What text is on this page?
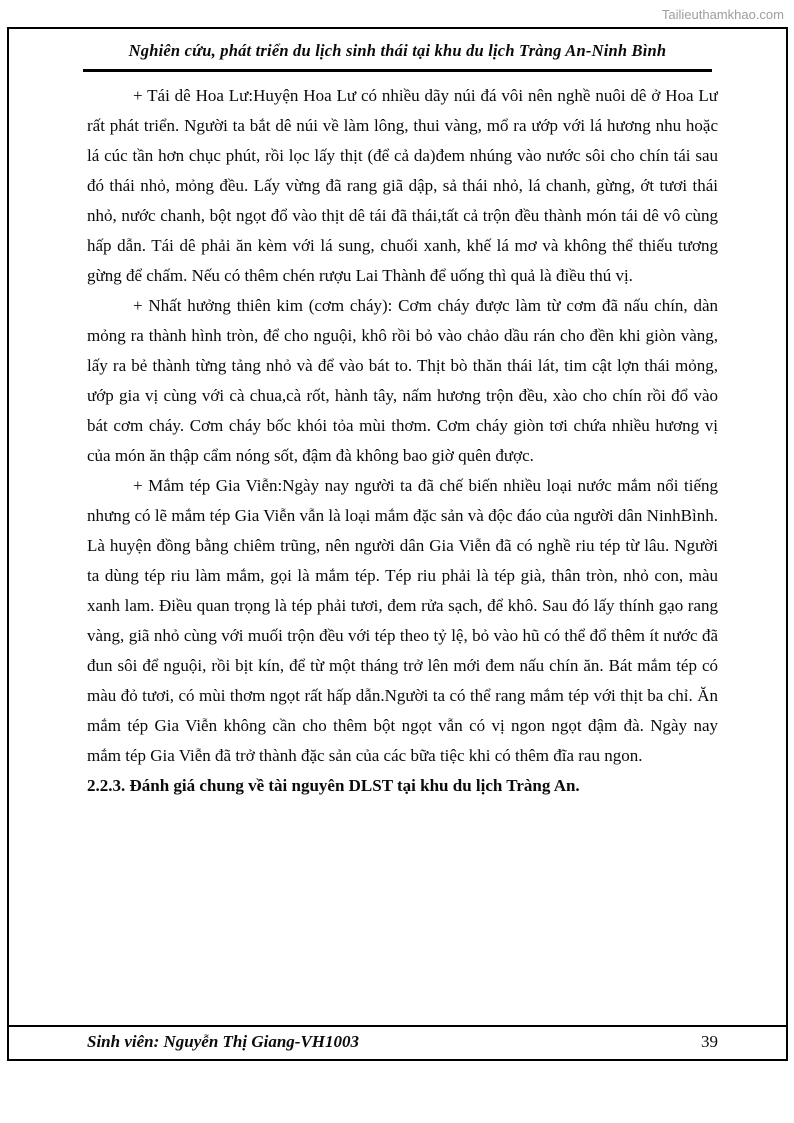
Tailieuthamkhao.com
Nghiên cứu, phát triển du lịch sinh thái tại khu du lịch Tràng An-Ninh Bình

+ Tái dê Hoa Lư:Huyện Hoa Lư có nhiều dãy núi đá vôi nên nghề nuôi dê ở Hoa Lư rất phát triển. Người ta bắt dê núi về làm lông, thui vàng, mổ ra ướp với lá hương nhu hoặc lá cúc tần hơn chục phút, rồi lọc lấy thịt (để cả da)đem nhúng vào nước sôi cho chín tái sau đó thái nhỏ, mỏng đều. Lấy vừng đã rang giã dập, sả thái nhỏ, lá chanh, gừng, ớt tươi thái nhỏ, nước chanh, bột ngọt đổ vào thịt dê tái đã thái,tất cả trộn đều thành món tái dê vô cùng hấp dẫn. Tái dê phải ăn kèm với lá sung, chuối xanh, khế lá mơ và không thể thiếu tương gừng để chấm. Nếu có thêm chén rượu Lai Thành để uống thì quả là điều thú vị.

+ Nhất hưởng thiên kim (cơm cháy): Cơm cháy được làm từ cơm đã nấu chín, dàn mỏng ra thành hình tròn, để cho nguội, khô rồi bỏ vào chảo dầu rán cho đền khi giòn vàng, lấy ra bẻ thành từng tảng nhỏ và để vào bát to. Thịt bò thăn thái lát, tim cật lợn thái mỏng, ướp gia vị cùng với cà chua,cà rốt, hành tây, nấm hương trộn đều, xào cho chín rồi đổ vào bát cơm cháy. Cơm cháy bốc khói tỏa mùi thơm. Cơm cháy giòn tơi chứa nhiều hương vị của món ăn thập cẩm nóng sốt, đậm đà không bao giờ quên được.

+ Mắm tép Gia Viễn:Ngày nay người ta đã chế biến nhiều loại nước mắm nổi tiếng nhưng có lẽ mắm tép Gia Viễn vẫn là loại mắm đặc sản và độc đáo của người dân NinhBình. Là huyện đồng bằng chiêm trũng, nên người dân Gia Viễn đã có nghề riu tép từ lâu. Người ta dùng tép riu làm mắm, gọi là mắm tép. Tép riu phải là tép già, thân tròn, nhỏ con, màu xanh lam. Điều quan trọng là tép phải tươi, đem rửa sạch, để khô. Sau đó lấy thính gạo rang vàng, giã nhỏ cùng với muối trộn đều với tép theo tỷ lệ, bỏ vào hũ có thể đổ thêm ít nước đã đun sôi để nguội, rồi bịt kín, để từ một tháng trở lên mới đem nấu chín ăn. Bát mắm tép có màu đỏ tươi, có mùi thơm ngọt rất hấp dẫn.Người ta có thể rang mắm tép với thịt ba chỉ. Ăn mắm tép Gia Viễn không cần cho thêm bột ngọt vẫn có vị ngon ngọt đậm đà. Ngày nay mắm tép Gia Viễn đã trở thành đặc sản của các bữa tiệc khi có thêm đĩa rau ngon.

2.2.3. Đánh giá chung về tài nguyên DLST tại khu du lịch Tràng An.

Sinh viên: Nguyễn Thị Giang-VH1003	39
